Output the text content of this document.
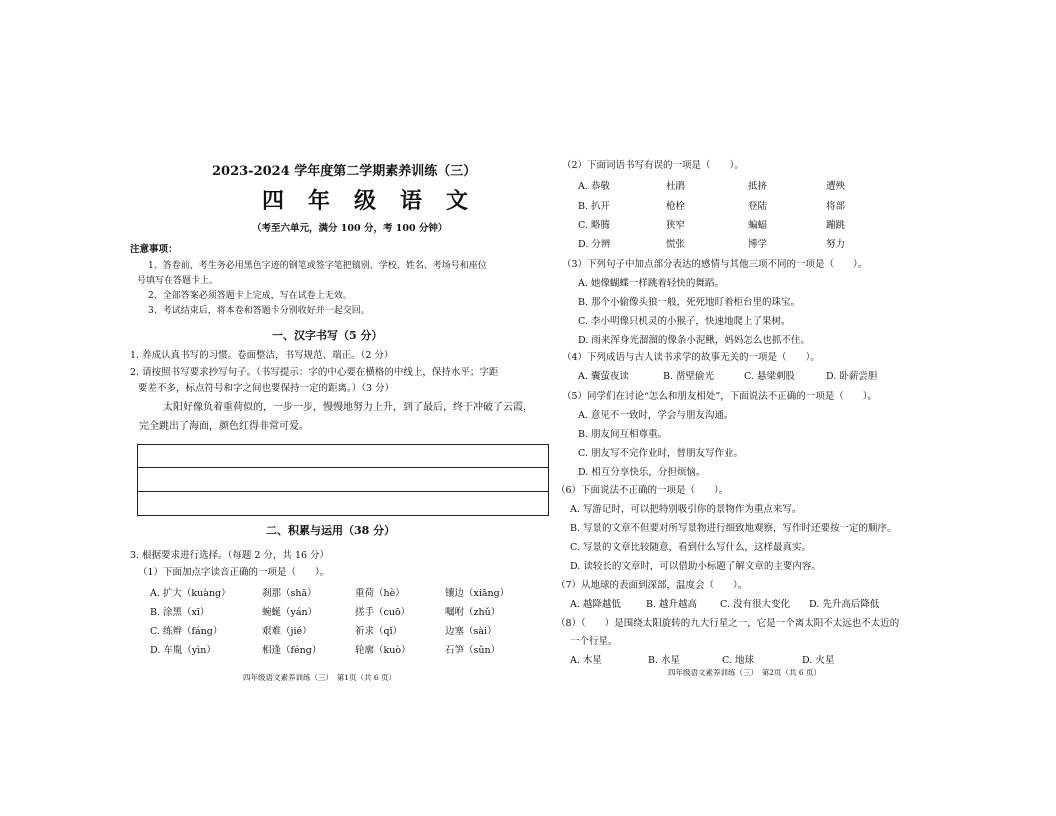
2023-2024 学年度第二学期素养训练（三）
四年级语文
（考至六单元，满分 100 分，考 100 分钟）
注意事项：
1、答卷前，考生务必用黑色字迹的钢笔或签字笔把镇别、学校、姓名、考场号和座位
号填写在答题卡上。
2、全部答案必须答题卡上完成，写在试卷上无效。
3、考试结束后，将本卷和答题卡分别收好并一起交回。
一、汉字书写（5 分）
1. 养成认真书写的习惯。卷面整洁，书写规范、端正。（2 分）
2. 请按照书写要求抄写句子。（书写提示：字的中心要在横格的中线上，保持水平；字距
要差不多，标点符号和字之间也要保持一定的距离。）（3 分）
太阳好像负着重荷似的，一步一步，慢慢地努力上升，到了最后，终于冲破了云霞，
完全跳出了海面，颜色红得非常可爱。
二、积累与运用（38 分）
3. 根据要求进行选择。（每题 2 分，共 16 分）
（1）下面加点字读音正确的一项是（　　）。
A. 扩大（kuàng）	刹那（shā）	重荷（hè）	镶边（xiāng）
B. 涂黑（xī）	蜿蜒（yán）	搓手（cuō）	嘱咐（zhǔ）
C. 练辫（fáng）	艰难（jié）	祈求（qǐ）	边塞（sài）
D. 车胤（yìn）	相逢（féng）	轮廓（kuò）	石笋（sǔn）
四年级语文素养训练（三）　第1页（共 6 页）
（2）下面词语书写有误的一项是（　　）。
A. 恭敬	杜鹃	抵挤	遭殃
B. 扒开	枪栓	登陆	将部
C. 略腾	狭窄	蝙蝠	蹦跳
D. 分辨	慌张	博学	努力
（3）下列句子中加点部分表达的感情与其他三项不同的一项是（　　）。
A. 她像蝴蝶一样跳着轻快的舞蹈。
B. 那个小偷像头狼一般，死死地盯着柜台里的珠宝。
C. 李小明像只机灵的小猴子，快速地爬上了果树。
D. 雨来浑身光溜溜的像条小泥鳅，妈妈怎么也抓不住。
（4）下列成语与古人读书求学的故事无关的一项是（　　）。
A. 囊萤夜读	B. 凿壁偷光	C. 悬梁刺股	D. 卧薪尝胆
（5）同学们在讨论“怎么和朋友相处”，下面说法不正确的一项是（　　）。
A. 意见不一致时，学会与朋友沟通。
B. 朋友间互相尊重。
C. 朋友写不完作业时，替朋友写作业。
D. 相互分享快乐，分担烦恼。
（6）下面说法不正确的一项是（　　）。
A. 写游记时，可以把特别吸引你的景物作为重点来写。
B. 写景的文章不但要对所写景物进行细致地观察，写作时还要按一定的顺序。
C. 写景的文章比较随意，看到什么写什么，这样最真实。
D. 读较长的文章时，可以借助小标题了解文章的主要内容。
（7）从地球的表面到深部，温度会（　　）。
A. 越降越低	B. 越升越高 C. 没有很大变化 D. 先升高后降低
（8）（　　）是围绕太阳旋转的九大行星之一，它是一个离太阳不太远也不太近的
一个行星。
A. 木星	B. 水星	C. 地球	D. 火星
四年级语文素养训练（三）　第2页（共 6 页）
